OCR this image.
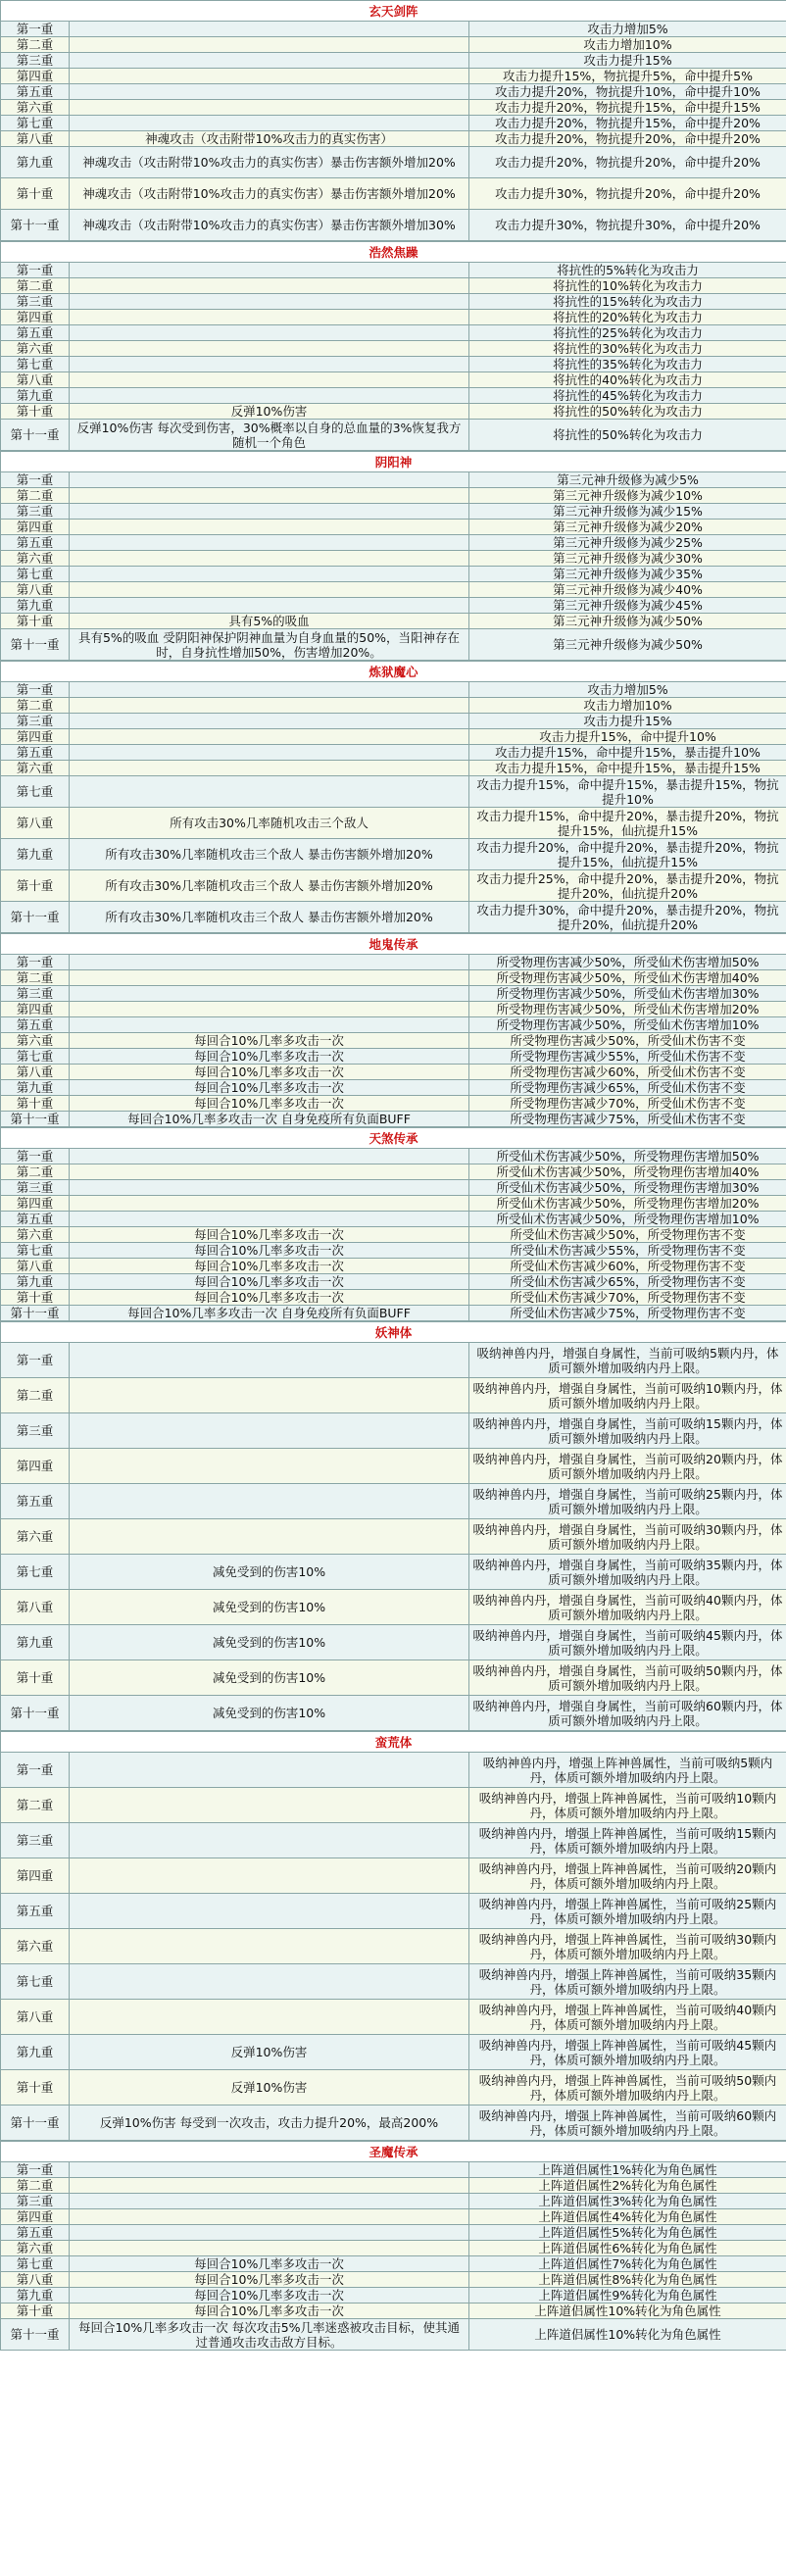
玄天剑阵		
第一重		攻击力增加5%
第二重		攻击力增加10%
第三重		攻击力提升15%
第四重		攻击力提升15%，物抗提升5%，命中提升5%
第五重		攻击力提升20%，物抗提升10%，命中提升10%
第六重		攻击力提升20%，物抗提升15%，命中提升15%
第七重		攻击力提升20%，物抗提升15%，命中提升20%
第八重	神魂攻击（攻击附带10%攻击力的真实伤害）	攻击力提升20%，物抗提升20%，命中提升20%
第九重	神魂攻击（攻击附带10%攻击力的真实伤害）暴击伤害额外增加20%	攻击力提升20%，物抗提升20%，命中提升20%
第十重	神魂攻击（攻击附带10%攻击力的真实伤害）暴击伤害额外增加20%	攻击力提升30%，物抗提升20%，命中提升20%
第十一重	神魂攻击（攻击附带10%攻击力的真实伤害）暴击伤害额外增加30%	攻击力提升30%，物抗提升30%，命中提升20%
浩然焦躁		
第一重		将抗性的5%转化为攻击力
第二重		将抗性的10%转化为攻击力
第三重		将抗性的15%转化为攻击力
第四重		将抗性的20%转化为攻击力
第五重		将抗性的25%转化为攻击力
第六重		将抗性的30%转化为攻击力
第七重		将抗性的35%转化为攻击力
第八重		将抗性的40%转化为攻击力
第九重		将抗性的45%转化为攻击力
第十重	反弹10%伤害	将抗性的50%转化为攻击力
第十一重	反弹10%伤害 每次受到伤害，30%概率以自身的总血量的3%恢复我方随机一个角色	将抗性的50%转化为攻击力
阴阳神		
第一重		第三元神升级修为减少5%
第二重		第三元神升级修为减少10%
第三重		第三元神升级修为减少15%
第四重		第三元神升级修为减少20%
第五重		第三元神升级修为减少25%
第六重		第三元神升级修为减少30%
第七重		第三元神升级修为减少35%
第八重		第三元神升级修为减少40%
第九重		第三元神升级修为减少45%
第十重	具有5%的吸血	第三元神升级修为减少50%
第十一重	具有5%的吸血 受阴阳神保护阴神血量为自身血量的50%，当阳神存在时，自身抗性增加50%，伤害增加20%。	第三元神升级修为减少50%
炼狱魔心		
第一重		攻击力增加5%
第二重		攻击力增加10%
第三重		攻击力提升15%
第四重		攻击力提升15%，命中提升10%
第五重		攻击力提升15%，命中提升15%，暴击提升10%
第六重		攻击力提升15%，命中提升15%，暴击提升15%
第七重		攻击力提升15%，命中提升15%，暴击提升15%，物抗提升10%
第八重	所有攻击30%几率随机攻击三个敌人	攻击力提升15%，命中提升20%，暴击提升20%，物抗提升15%，仙抗提升15%
第九重	所有攻击30%几率随机攻击三个敌人 暴击伤害额外增加20%	攻击力提升20%，命中提升20%，暴击提升20%，物抗提升15%，仙抗提升15%
第十重	所有攻击30%几率随机攻击三个敌人 暴击伤害额外增加20%	攻击力提升25%，命中提升20%，暴击提升20%，物抗提升20%，仙抗提升20%
第十一重	所有攻击30%几率随机攻击三个敌人 暴击伤害额外增加20%	攻击力提升30%，命中提升20%，暴击提升20%，物抗提升20%，仙抗提升20%
地鬼传承		
第一重		所受物理伤害减少50%，所受仙术伤害增加50%
第二重		所受物理伤害减少50%，所受仙术伤害增加40%
第三重		所受物理伤害减少50%，所受仙术伤害增加30%
第四重		所受物理伤害减少50%，所受仙术伤害增加20%
第五重		所受物理伤害减少50%，所受仙术伤害增加10%
第六重	每回合10%几率多攻击一次	所受物理伤害减少50%，所受仙术伤害不变
第七重	每回合10%几率多攻击一次	所受物理伤害减少55%，所受仙术伤害不变
第八重	每回合10%几率多攻击一次	所受物理伤害减少60%，所受仙术伤害不变
第九重	每回合10%几率多攻击一次	所受物理伤害减少65%，所受仙术伤害不变
第十重	每回合10%几率多攻击一次	所受物理伤害减少70%，所受仙术伤害不变
第十一重	每回合10%几率多攻击一次 自身免疫所有负面BUFF	所受物理伤害减少75%，所受仙术伤害不变
天煞传承		
第一重		所受仙术伤害减少50%，所受物理伤害增加50%
第二重		所受仙术伤害减少50%，所受物理伤害增加40%
第三重		所受仙术伤害减少50%，所受物理伤害增加30%
第四重		所受仙术伤害减少50%，所受物理伤害增加20%
第五重		所受仙术伤害减少50%，所受物理伤害增加10%
第六重	每回合10%几率多攻击一次	所受仙术伤害减少50%，所受物理伤害不变
第七重	每回合10%几率多攻击一次	所受仙术伤害减少55%，所受物理伤害不变
第八重	每回合10%几率多攻击一次	所受仙术伤害减少60%，所受物理伤害不变
第九重	每回合10%几率多攻击一次	所受仙术伤害减少65%，所受物理伤害不变
第十重	每回合10%几率多攻击一次	所受仙术伤害减少70%，所受物理伤害不变
第十一重	每回合10%几率多攻击一次 自身免疫所有负面BUFF	所受仙术伤害减少75%，所受物理伤害不变
妖神体		
第一重		吸纳神兽内丹，增强自身属性，当前可吸纳5颗内丹，体质可额外增加吸纳内丹上限。
第二重		吸纳神兽内丹，增强自身属性，当前可吸纳10颗内丹，体质可额外增加吸纳内丹上限。
第三重		吸纳神兽内丹，增强自身属性，当前可吸纳15颗内丹，体质可额外增加吸纳内丹上限。
第四重		吸纳神兽内丹，增强自身属性，当前可吸纳20颗内丹，体质可额外增加吸纳内丹上限。
第五重		吸纳神兽内丹，增强自身属性，当前可吸纳25颗内丹，体质可额外增加吸纳内丹上限。
第六重		吸纳神兽内丹，增强自身属性，当前可吸纳30颗内丹，体质可额外增加吸纳内丹上限。
第七重	减免受到的伤害10%	吸纳神兽内丹，增强自身属性，当前可吸纳35颗内丹，体质可额外增加吸纳内丹上限。
第八重	减免受到的伤害10%	吸纳神兽内丹，增强自身属性，当前可吸纳40颗内丹，体质可额外增加吸纳内丹上限。
第九重	减免受到的伤害10%	吸纳神兽内丹，增强自身属性，当前可吸纳45颗内丹，体质可额外增加吸纳内丹上限。
第十重	减免受到的伤害10%	吸纳神兽内丹，增强自身属性，当前可吸纳50颗内丹，体质可额外增加吸纳内丹上限。
第十一重	减免受到的伤害10%	吸纳神兽内丹，增强自身属性，当前可吸纳60颗内丹，体质可额外增加吸纳内丹上限。
蛮荒体		
第一重		吸纳神兽内丹，增强上阵神兽属性，当前可吸纳5颗内丹，体质可额外增加吸纳内丹上限。
第二重		吸纳神兽内丹，增强上阵神兽属性，当前可吸纳10颗内丹，体质可额外增加吸纳内丹上限。
第三重		吸纳神兽内丹，增强上阵神兽属性，当前可吸纳15颗内丹，体质可额外增加吸纳内丹上限。
第四重		吸纳神兽内丹，增强上阵神兽属性，当前可吸纳20颗内丹，体质可额外增加吸纳内丹上限。
第五重		吸纳神兽内丹，增强上阵神兽属性，当前可吸纳25颗内丹，体质可额外增加吸纳内丹上限。
第六重		吸纳神兽内丹，增强上阵神兽属性，当前可吸纳30颗内丹，体质可额外增加吸纳内丹上限。
第七重		吸纳神兽内丹，增强上阵神兽属性，当前可吸纳35颗内丹，体质可额外增加吸纳内丹上限。
第八重		吸纳神兽内丹，增强上阵神兽属性，当前可吸纳40颗内丹，体质可额外增加吸纳内丹上限。
第九重	反弹10%伤害	吸纳神兽内丹，增强上阵神兽属性，当前可吸纳45颗内丹，体质可额外增加吸纳内丹上限。
第十重	反弹10%伤害	吸纳神兽内丹，增强上阵神兽属性，当前可吸纳50颗内丹，体质可额外增加吸纳内丹上限。
第十一重	反弹10%伤害 每受到一次攻击，攻击力提升20%，最高200%	吸纳神兽内丹，增强上阵神兽属性，当前可吸纳60颗内丹，体质可额外增加吸纳内丹上限。
圣魔传承		
第一重		上阵道侣属性1%转化为角色属性
第二重		上阵道侣属性2%转化为角色属性
第三重		上阵道侣属性3%转化为角色属性
第四重		上阵道侣属性4%转化为角色属性
第五重		上阵道侣属性5%转化为角色属性
第六重		上阵道侣属性6%转化为角色属性
第七重	每回合10%几率多攻击一次	上阵道侣属性7%转化为角色属性
第八重	每回合10%几率多攻击一次	上阵道侣属性8%转化为角色属性
第九重	每回合10%几率多攻击一次	上阵道侣属性9%转化为角色属性
第十重	每回合10%几率多攻击一次	上阵道侣属性10%转化为角色属性
第十一重	每回合10%几率多攻击一次 每次攻击5%几率迷惑被攻击目标，使其通过普通攻击攻击敌方目标。	上阵道侣属性10%转化为角色属性
